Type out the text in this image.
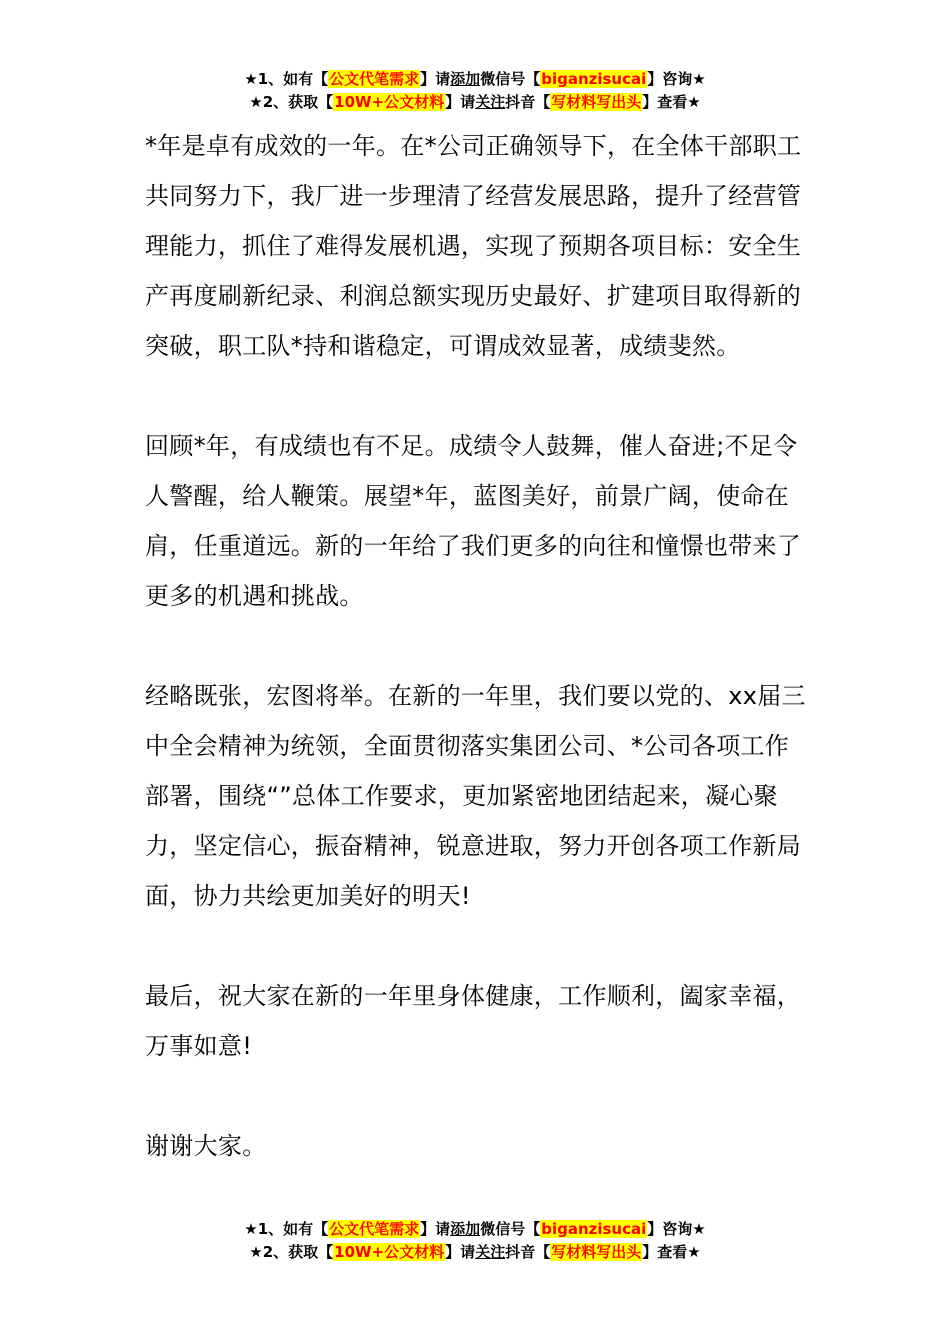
★1、如有【公文代笔需求】请添加微信号【biganzisucai】咨询★
★2、获取【10W+公文材料】请关注抖音【写材料写出头】查看★

*年是卓有成效的一年。在*公司正确领导下，在全体干部职工共同努力下，我厂进一步理清了经营发展思路，提升了经营管理能力，抓住了难得发展机遇，实现了预期各项目标：安全生产再度刷新纪录、利润总额实现历史最好、扩建项目取得新的突破，职工队*持和谐稳定，可谓成效显著，成绩斐然。

回顾*年，有成绩也有不足。成绩令人鼓舞，催人奋进;不足令人警醒，给人鞭策。展望*年，蓝图美好，前景广阔，使命在肩，任重道远。新的一年给了我们更多的向往和憧憬也带来了更多的机遇和挑战。

经略既张，宏图将举。在新的一年里，我们要以党的、xx届三中全会精神为统领，全面贯彻落实集团公司、*公司各项工作部署，围绕“”总体工作要求，更加紧密地团结起来，凝心聚力，坚定信心，振奋精神，锐意进取，努力开创各项工作新局面，协力共绘更加美好的明天!

最后，祝大家在新的一年里身体健康，工作顺利，阖家幸福，万事如意!

谢谢大家。

★1、如有【公文代笔需求】请添加微信号【biganzisucai】咨询★
★2、获取【10W+公文材料】请关注抖音【写材料写出头】查看★
